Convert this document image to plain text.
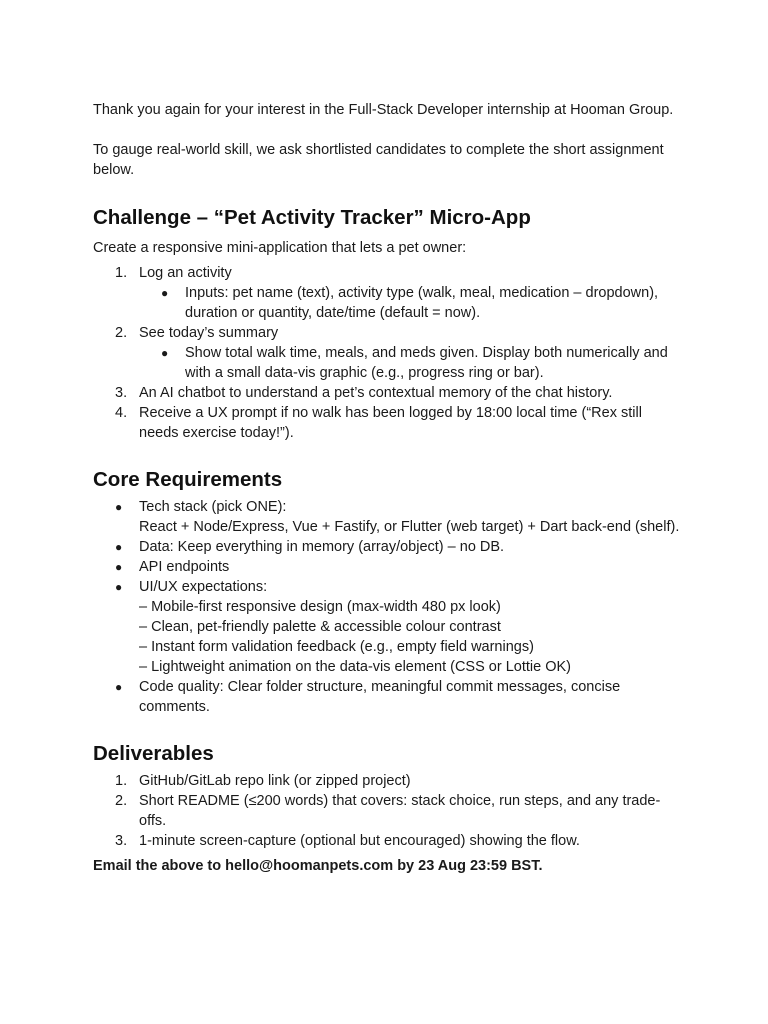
Thank you again for your interest in the Full-Stack Developer internship at Hooman Group.

To gauge real-world skill, we ask shortlisted candidates to complete the short assignment below.

Challenge – “Pet Activity Tracker” Micro-App

Create a responsive mini-application that lets a pet owner:

1. Log an activity
● Inputs: pet name (text), activity type (walk, meal, medication – dropdown), duration or quantity, date/time (default = now).
2. See today’s summary
● Show total walk time, meals, and meds given. Display both numerically and with a small data-vis graphic (e.g., progress ring or bar).
3. An AI chatbot to understand a pet’s contextual memory of the chat history.
4. Receive a UX prompt if no walk has been logged by 18:00 local time (“Rex still needs exercise today!”).
Core Requirements
● Tech stack (pick ONE):
React + Node/Express, Vue + Fastify, or Flutter (web target) + Dart back-end (shelf).
● Data: Keep everything in memory (array/object) – no DB.
● API endpoints
● UI/UX expectations:
– Mobile-first responsive design (max-width 480 px look)
– Clean, pet-friendly palette & accessible colour contrast
– Instant form validation feedback (e.g., empty field warnings)
– Lightweight animation on the data-vis element (CSS or Lottie OK)
● Code quality: Clear folder structure, meaningful commit messages, concise comments.
Deliverables
1. GitHub/GitLab repo link (or zipped project)
2. Short README (≤200 words) that covers: stack choice, run steps, and any trade-offs.
3. 1-minute screen-capture (optional but encouraged) showing the flow.

Email the above to hello@hoomanpets.com by 23 Aug 23:59 BST.
